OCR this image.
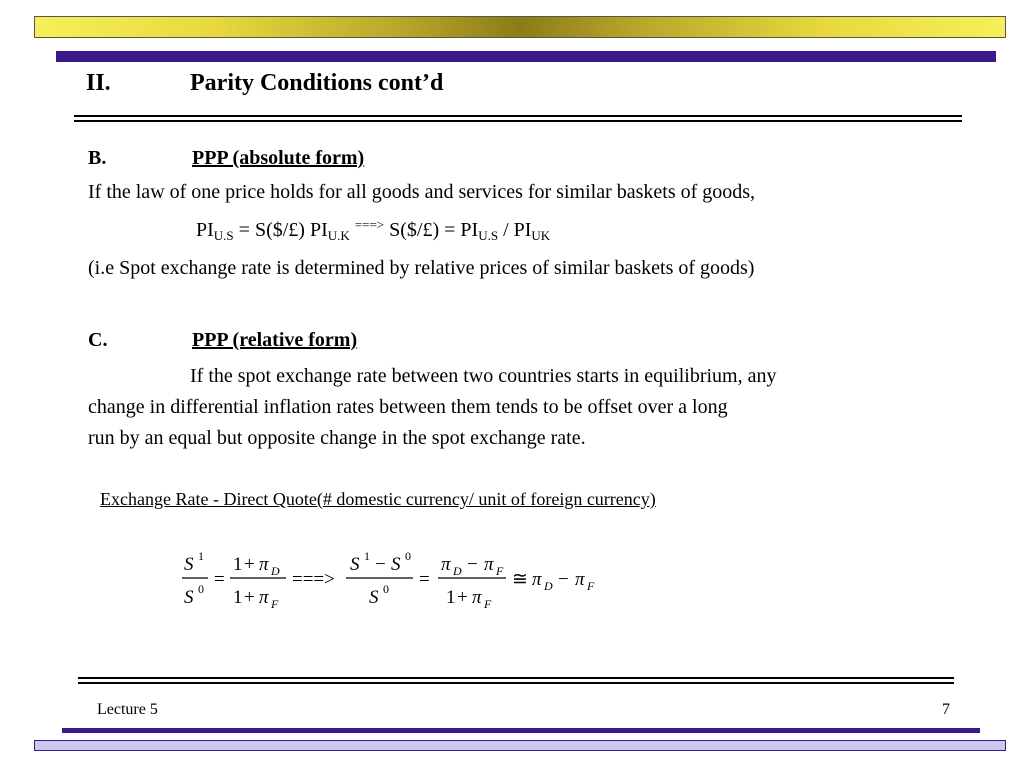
II.	Parity Conditions cont’d
B.	PPP (absolute form)
If the law of one price holds for all goods and services for similar baskets of goods,
$PI_{U.S}$ = S($/£) $PI_{U.K}$ ===> S($/£) = $PI_{U.S} / PI_{UK}$
(i.e Spot exchange rate is determined by relative prices of similar baskets of goods)
C.	PPP (relative form)
If the spot exchange rate between two countries starts in equilibrium, any
change in differential inflation rates between them tends to be offset over a long
run by an equal but opposite change in the spot exchange rate.
Exchange Rate - Direct Quote(# domestic currency/ unit of foreign currency)
S 1
S 0 =
1 + π D
1 + π F
===>
S 1 − S 0
S 0 =
π D − π F
1 + π F
≅ π D − π F
Lecture 5	7
